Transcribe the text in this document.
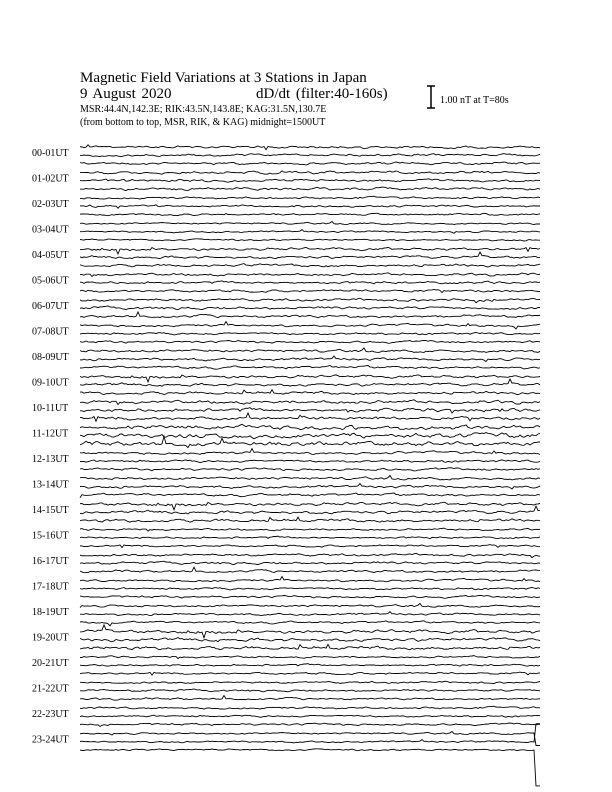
Magnetic Field Variations at 3 Stations in Japan
9 August 2020	dD/dt (filter:40-160s)
MSR:44.4N,142.3E; RIK:43.5N,143.8E; KAG:31.5N,130.7E
(from bottom to top, MSR, RIK, & KAG) midnight=1500UT
1.00 nT at T=80s
00-01UT
01-02UT
02-03UT
03-04UT
04-05UT
05-06UT
06-07UT
07-08UT
08-09UT
09-10UT
10-11UT
11-12UT
12-13UT
13-14UT
14-15UT
15-16UT
16-17UT
17-18UT
18-19UT
19-20UT
20-21UT
21-22UT
22-23UT
23-24UT
